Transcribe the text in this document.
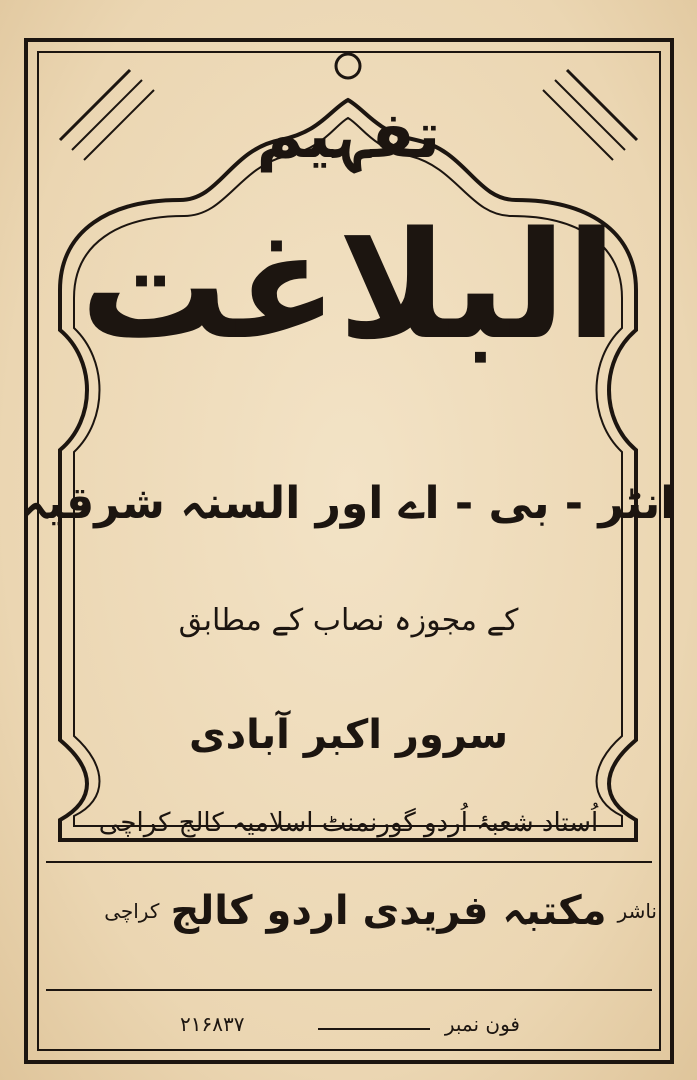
تفہیم
البلاغت
انٹر - بی - اے اور السنہ شرقیہ
کے مجوزہ نصاب کے مطابق
سرور اکبر آبادی
اُستاد شعبۂ اُردو گورنمنٹ اسلامیہ کالج کراچی
ناشر مکتبہ فریدی اردو کالج کراچی
فون نمبر
۲۱۶۸۳۷
